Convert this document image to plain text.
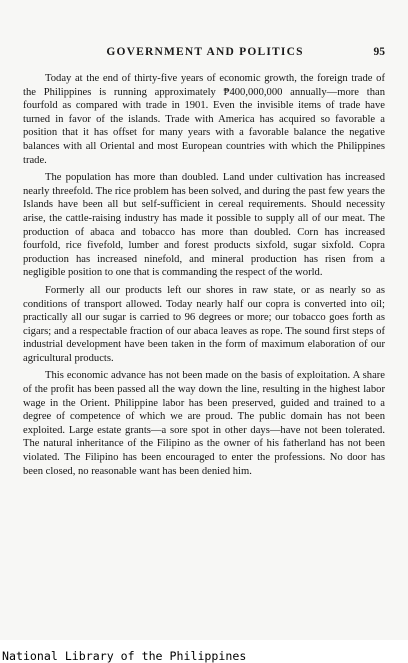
GOVERNMENT AND POLITICS	95

Today at the end of thirty-five years of economic growth, the foreign trade of the Philippines is running approximately ₱400,000,000 annually—more than fourfold as compared with trade in 1901. Even the invisible items of trade have turned in favor of the islands. Trade with America has acquired so favorable a position that it has offset for many years with a favorable balance the negative balances with all Oriental and most European countries with which the Philippines trade.

The population has more than doubled. Land under cultivation has increased nearly threefold. The rice problem has been solved, and during the past few years the Islands have been all but self-sufficient in cereal requirements. Should necessity arise, the cattle-raising industry has made it possible to supply all of our meat. The production of abaca and tobacco has more than doubled. Corn has increased fourfold, rice fivefold, lumber and forest products sixfold, sugar sixfold. Copra production has increased ninefold, and mineral production has risen from a negligible position to one that is commanding the respect of the world.

Formerly all our products left our shores in raw state, or as nearly so as conditions of transport allowed. Today nearly half our copra is converted into oil; practically all our sugar is carried to 96 degrees or more; our tobacco goes forth as cigars; and a respectable fraction of our abaca leaves as rope. The sound first steps of industrial development have been taken in the form of maximum elaboration of our agricultural products.

This economic advance has not been made on the basis of exploitation. A share of the profit has been passed all the way down the line, resulting in the highest labor wage in the Orient. Philippine labor has been preserved, guided and trained to a degree of competence of which we are proud. The public domain has not been exploited. Large estate grants—a sore spot in other days—have not been tolerated. The natural inheritance of the Filipino as the owner of his fatherland has not been violated. The Filipino has been encouraged to enter the professions. No door has been closed, no reasonable want has been denied him.

National Library of the Philippines
